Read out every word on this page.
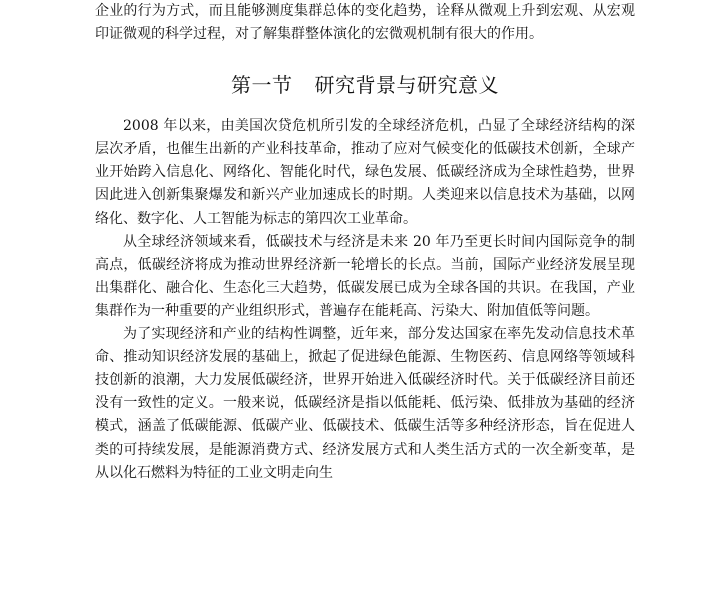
企业的行为方式，而且能够测度集群总体的变化趋势，诠释从微观上升到宏观、从宏观印证微观的科学过程，对了解集群整体演化的宏微观机制有很大的作用。

第一节 研究背景与研究意义

2008 年以来，由美国次贷危机所引发的全球经济危机，凸显了全球经济结构的深层次矛盾，也催生出新的产业科技革命，推动了应对气候变化的低碳技术创新，全球产业开始跨入信息化、网络化、智能化时代，绿色发展、低碳经济成为全球性趋势，世界因此进入创新集聚爆发和新兴产业加速成长的时期。人类迎来以信息技术为基础，以网络化、数字化、人工智能为标志的第四次工业革命。

从全球经济领域来看，低碳技术与经济是未来 20 年乃至更长时间内国际竞争的制高点，低碳经济将成为推动世界经济新一轮增长的长点。当前，国际产业经济发展呈现出集群化、融合化、生态化三大趋势，低碳发展已成为全球各国的共识。在我国，产业集群作为一种重要的产业组织形式，普遍存在能耗高、污染大、附加值低等问题。

为了实现经济和产业的结构性调整，近年来，部分发达国家在率先发动信息技术革命、推动知识经济发展的基础上，掀起了促进绿色能源、生物医药、信息网络等领域科技创新的浪潮，大力发展低碳经济，世界开始进入低碳经济时代。关于低碳经济目前还没有一致性的定义。一般来说，低碳经济是指以低能耗、低污染、低排放为基础的经济模式，涵盖了低碳能源、低碳产业、低碳技术、低碳生活等多种经济形态，旨在促进人类的可持续发展，是能源消费方式、经济发展方式和人类生活方式的一次全新变革，是从以化石燃料为特征的工业文明走向生
